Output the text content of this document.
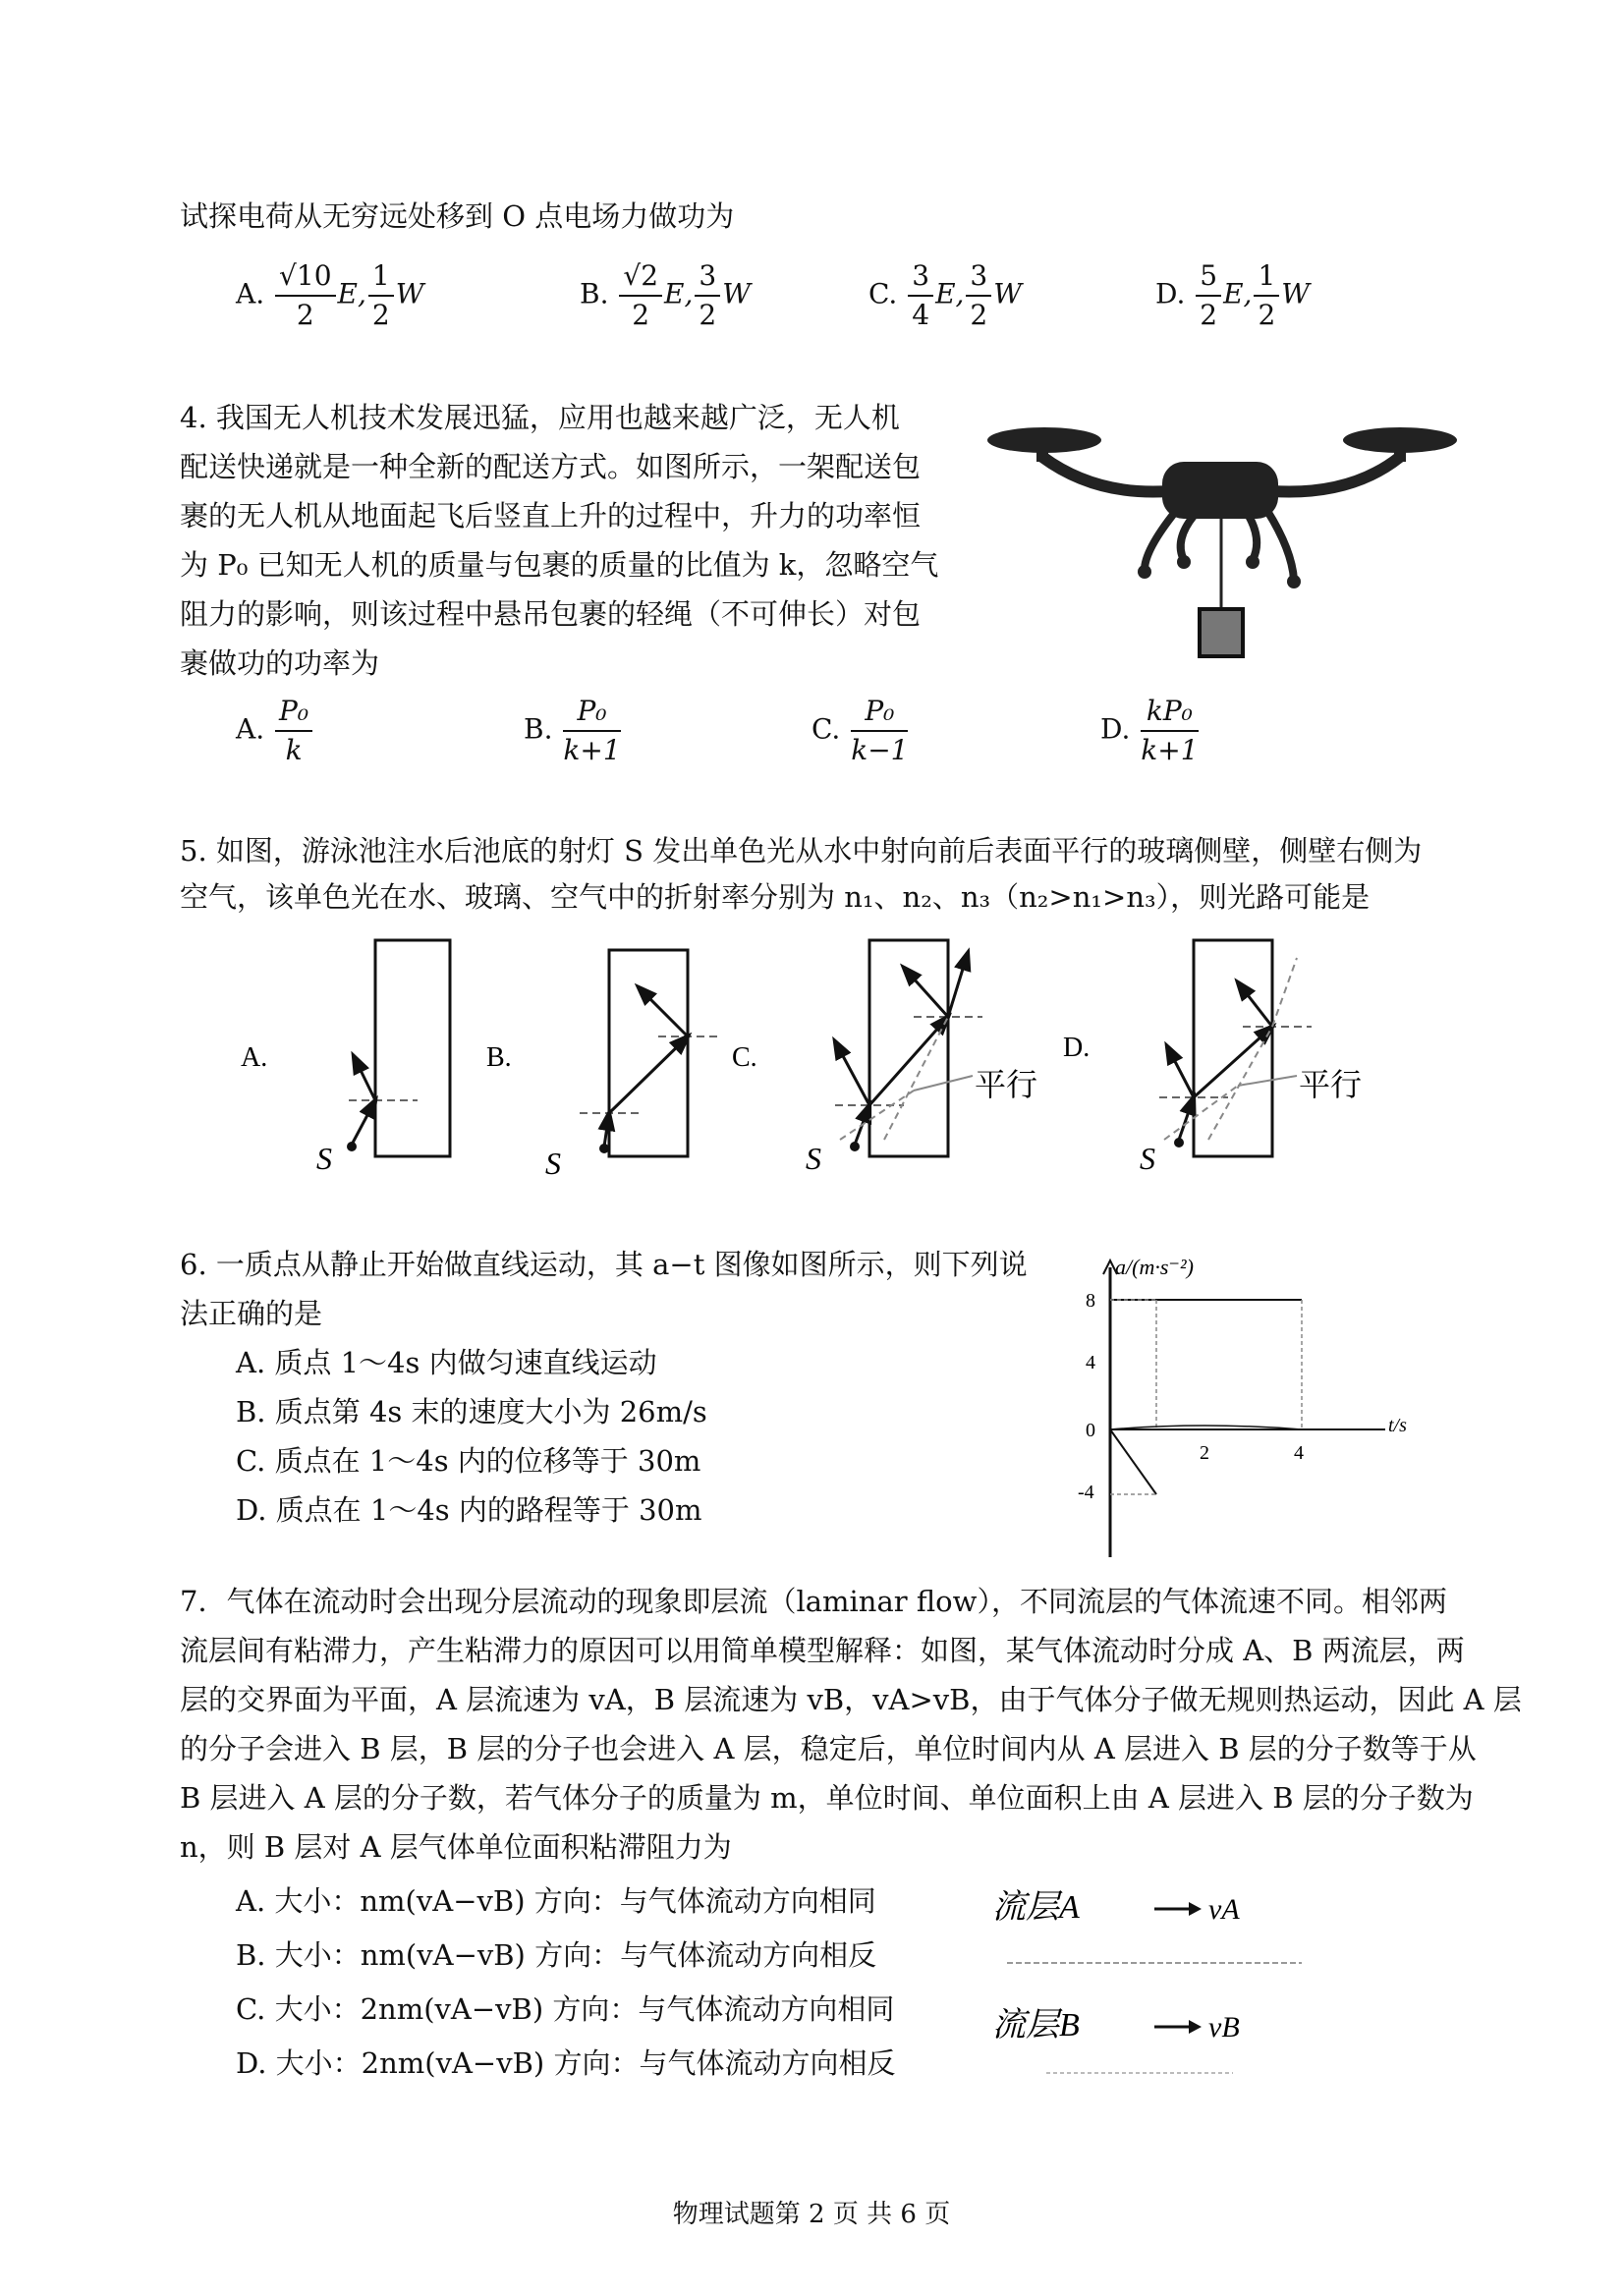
试探电荷从无穷远处移到 O 点电场力做功为
A. $\frac{√10}{2} E$, $\frac{1}{2}$ W	B. $\frac{√2}{2} E$, $\frac{3}{2}$ W	C. $\frac{3}{4} E$, $\frac{3}{2}$ W	D. $\frac{5}{2} E$, $\frac{1}{2}$ W
4. 我国无人机技术发展迅猛，应用也越来越广泛，无人机
配送快递就是一种全新的配送方式。如图所示，一架配送包
裹的无人机从地面起飞后竖直上升的过程中，升力的功率恒
为 P₀ 已知无人机的质量与包裹的质量的比值为 k，忽略空气
阻力的影响，则该过程中悬吊包裹的轻绳（不可伸长）对包
裹做功的功率为
A. $\frac{\text{P₀}}{k}$	B. $\frac{\text{P₀}}{k+1}$	C. $\frac{\text{P₀}}{k-1}$	D. $\frac{\text{kP₀}}{k+1}$
5. 如图，游泳池注水后池底的射灯 S 发出单色光从水中射向前后表面平行的玻璃侧壁，侧壁右侧为
空气，该单色光在水、玻璃、空气中的折射率分别为 n₁、n₂、n₃（n₂>n₁>n₃），则光路可能是
A.
S
B.
S
C.
S
平行
D.
S
平行
6. 一质点从静止开始做直线运动，其 a−t 图像如图所示，则下列说
法正确的是
A. 质点 1～4s 内做匀速直线运动
B. 质点第 4s 末的速度大小为 26m/s
C. 质点在 1～4s 内的位移等于 30m
D. 质点在 1～4s 内的路程等于 30m
a/(m·s⁻²)
t/s
8
4
0
-4
2	4
7．气体在流动时会出现分层流动的现象即层流（laminar flow），不同流层的气体流速不同。相邻两
流层间有粘滞力，产生粘滞力的原因可以用简单模型解释：如图，某气体流动时分成 A、B 两流层，两
层的交界面为平面，A 层流速为 vA，B 层流速为 vB，vA>vB，由于气体分子做无规则热运动，因此 A 层
的分子会进入 B 层，B 层的分子也会进入 A 层，稳定后，单位时间内从 A 层进入 B 层的分子数等于从
B 层进入 A 层的分子数，若气体分子的质量为 m，单位时间、单位面积上由 A 层进入 B 层的分子数为
n，则 B 层对 A 层气体单位面积粘滞阻力为
A. 大小：nm(vA−vB) 方向：与气体流动方向相同
B. 大小：nm(vA−vB) 方向：与气体流动方向相反
C. 大小：2nm(vA−vB) 方向：与气体流动方向相同
D. 大小：2nm(vA−vB) 方向：与气体流动方向相反
流层A	vA
流层B	vB
物理试题第 2 页 共 6 页
